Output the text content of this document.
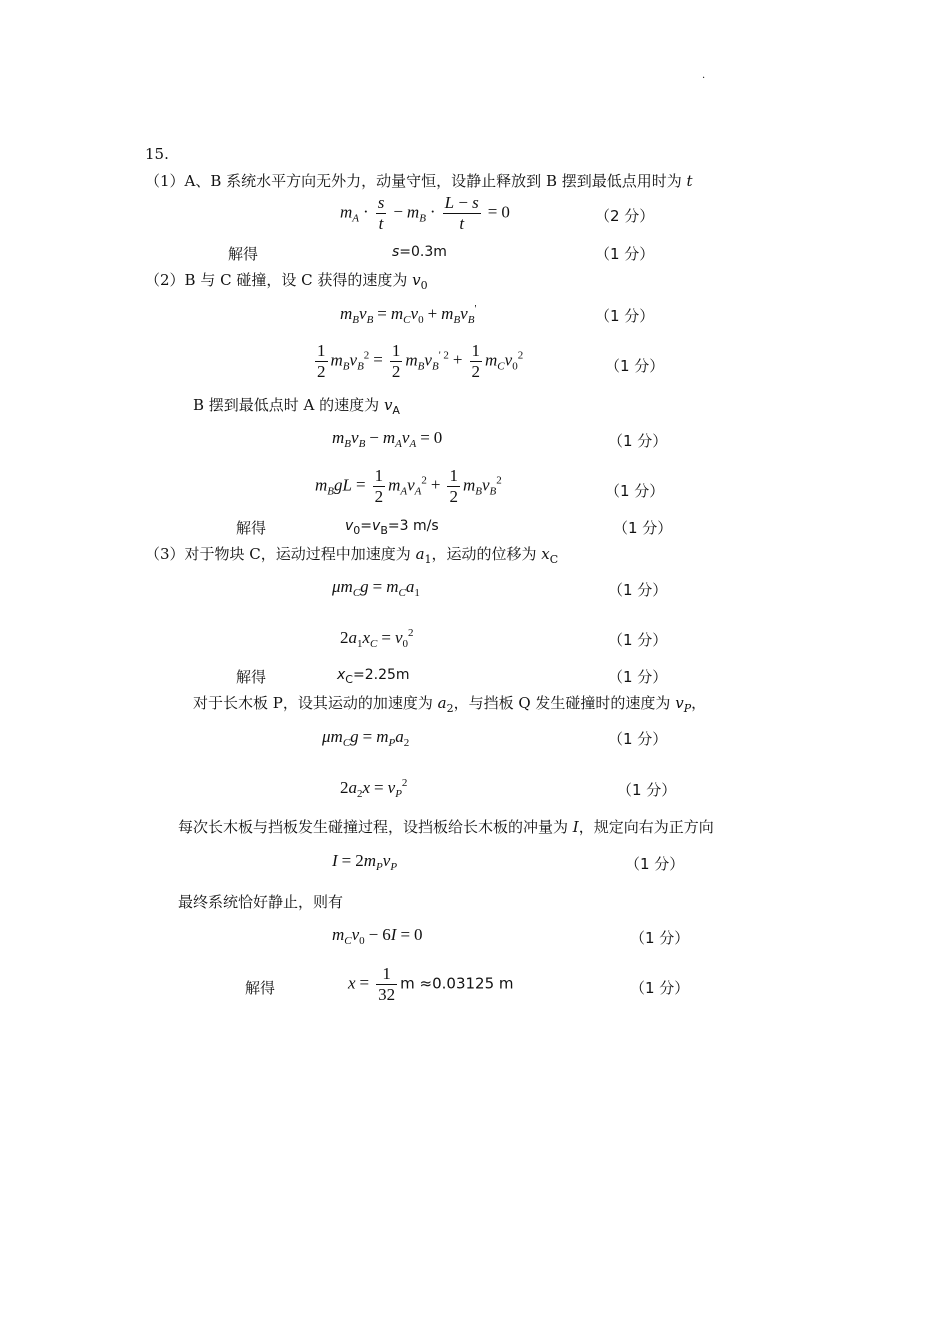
.
15.
（1）A、B 系统水平方向无外力，动量守恒，设静止释放到 B 摆到最低点用时为 t
$m_A \cdot \frac{s}{t} - m_B \cdot \frac{L - s}{t} = 0$	（2 分）
解得	s=0.3m	（1 分）
（2）B 与 C 碰撞，设 C 获得的速度为 $v_0$
$m_Bv_B = m_Cv_0 + m_Bv_B'$	（1 分）
$\frac{1}{2} m_Bv_B^2 = \frac{1}{2} m_Bv_B^{' 2} + \frac{1}{2} m_Cv_0^2$
（1 分）
B 摆到最低点时 A 的速度为 $v_A$
$m_Bv_B - m_Av_A = 0$	（1 分）
$m_BgL = \frac{1}{2} m_Av_A^2 + \frac{1}{2} m_Bv_B^2$
（1 分）
解得	$v_0=v_B=3$ m/s	（1 分）
（3）对于物块 C，运动过程中加速度为 $a_1$，运动的位移为 $x_C$
$\mu m_Cg = m_Ca_1$	（1 分）
$2a_1x_C = v_0^2$	（1 分）
解得	$x_C=2.25m$	（1 分）
对于长木板 P，设其运动的加速度为 $a_2$，与挡板 Q 发生碰撞时的速度为 $v_P$，
$\mu m_Cg = m_Pa_2$	（1 分）
$2a_2x = v_P^2$	（1 分）
每次长木板与挡板发生碰撞过程，设挡板给长木板的冲量为 I，规定向右为正方向
$I = 2m_Pv_P$	（1 分）
最终系统恰好静止，则有
$m_Cv_0 - 6I = 0$	（1 分）
解得	$x = \frac{1}{32}$ m ≈0.03125 m	（1 分）
